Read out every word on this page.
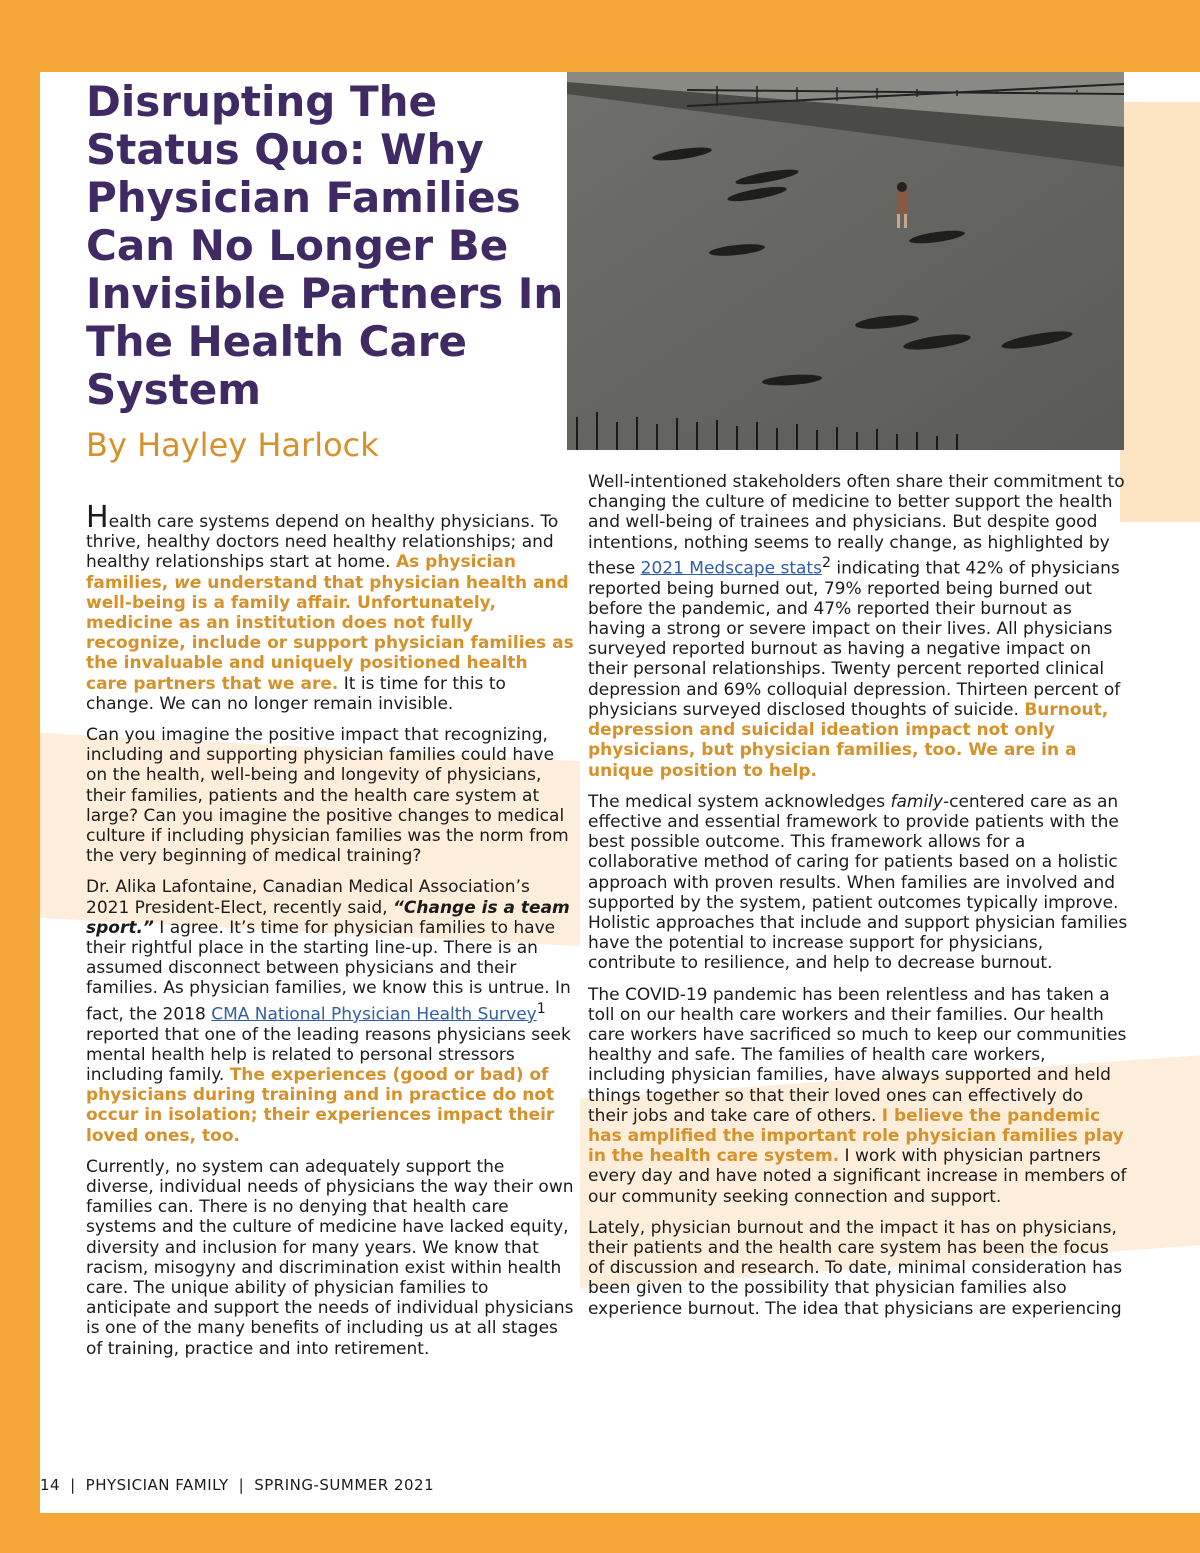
Disrupting The Status Quo: Why Physician Families Can No Longer Be Invisible Partners In The Health Care System
By Hayley Harlock

Health care systems depend on healthy physicians. To thrive, healthy doctors need healthy relationships; and healthy relationships start at home. As physician families, we understand that physician health and well-being is a family affair. Unfortunately, medicine as an institution does not fully recognize, include or support physician families as the invaluable and uniquely positioned health care partners that we are. It is time for this to change. We can no longer remain invisible.

Can you imagine the positive impact that recognizing, including and supporting physician families could have on the health, well-being and longevity of physicians, their families, patients and the health care system at large? Can you imagine the positive changes to medical culture if including physician families was the norm from the very beginning of medical training?

Dr. Alika Lafontaine, Canadian Medical Association’s 2021 President-Elect, recently said, “Change is a team sport.” I agree. It’s time for physician families to have their rightful place in the starting line-up. There is an assumed disconnect between physicians and their families. As physician families, we know this is untrue. In fact, the 2018 CMA National Physician Health Survey$^1$ reported that one of the leading reasons physicians seek mental health help is related to personal stressors including family. The experiences (good or bad) of physicians during training and in practice do not occur in isolation; their experiences impact their loved ones, too.

Currently, no system can adequately support the diverse, individual needs of physicians the way their own families can. There is no denying that health care systems and the culture of medicine have lacked equity, diversity and inclusion for many years. We know that racism, misogyny and discrimination exist within health care. The unique ability of physician families to anticipate and support the needs of individual physicians is one of the many benefits of including us at all stages of training, practice and into retirement.

Well-intentioned stakeholders often share their commitment to changing the culture of medicine to better support the health and well-being of trainees and physicians. But despite good intentions, nothing seems to really change, as highlighted by these 2021 Medscape stats$^2$ indicating that 42% of physicians reported being burned out, 79% reported being burned out before the pandemic, and 47% reported their burnout as having a strong or severe impact on their lives. All physicians surveyed reported burnout as having a negative impact on their personal relationships. Twenty percent reported clinical depression and 69% colloquial depression. Thirteen percent of physicians surveyed disclosed thoughts of suicide. Burnout, depression and suicidal ideation impact not only physicians, but physician families, too. We are in a unique position to help.

The medical system acknowledges family-centered care as an effective and essential framework to provide patients with the best possible outcome. This framework allows for a collaborative method of caring for patients based on a holistic approach with proven results. When families are involved and supported by the system, patient outcomes typically improve. Holistic approaches that include and support physician families have the potential to increase support for physicians, contribute to resilience, and help to decrease burnout.

The COVID-19 pandemic has been relentless and has taken a toll on our health care workers and their families. Our health care workers have sacrificed so much to keep our communities healthy and safe. The families of health care workers, including physician families, have always supported and held things together so that their loved ones can effectively do their jobs and take care of others. I believe the pandemic has amplified the important role physician families play in the health care system. I work with physician partners every day and have noted a significant increase in members of our community seeking connection and support.

Lately, physician burnout and the impact it has on physicians, their patients and the health care system has been the focus of discussion and research. To date, minimal consideration has been given to the possibility that physician families also experience burnout. The idea that physicians are experiencing

14 | PHYSICIAN FAMILY | SPRING-SUMMER 2021
